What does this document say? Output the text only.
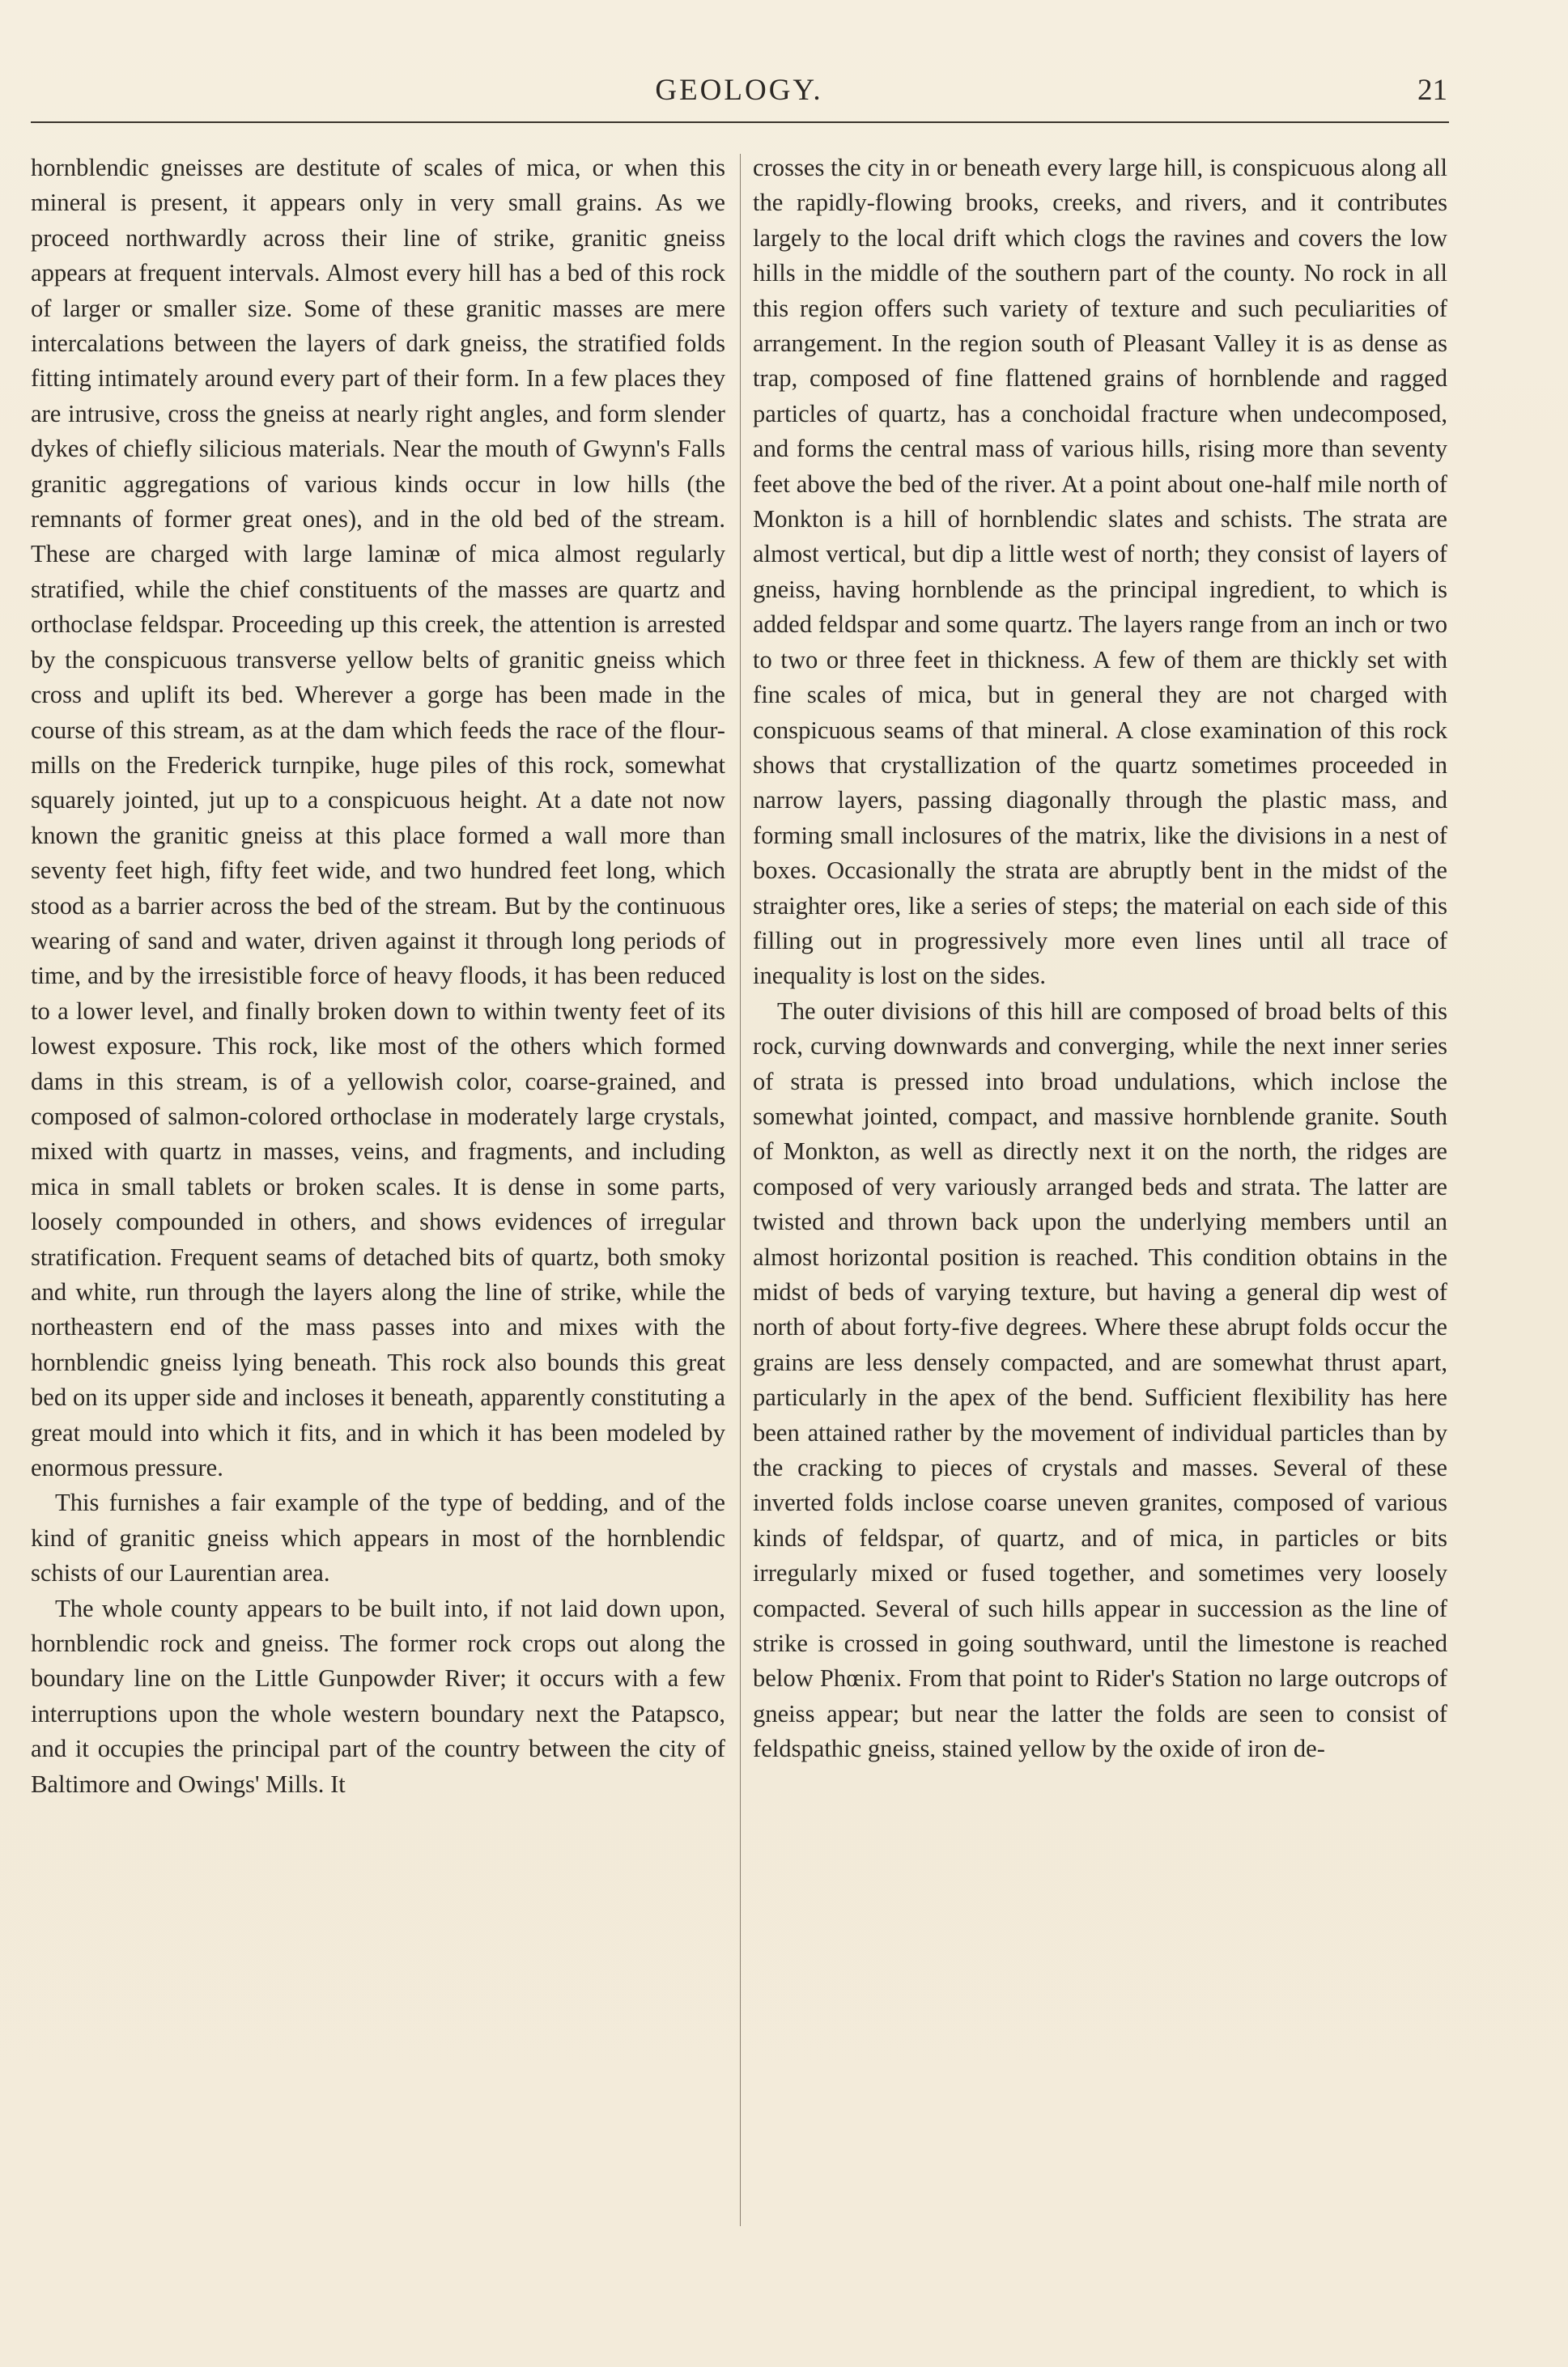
GEOLOGY.	21

hornblendic gneisses are destitute of scales of mica, or when this mineral is present, it appears only in very small grains. As we proceed northwardly across their line of strike, granitic gneiss appears at frequent intervals. Almost every hill has a bed of this rock of larger or smaller size. Some of these granitic masses are mere intercalations between the layers of dark gneiss, the stratified folds fitting intimately around every part of their form. In a few places they are intrusive, cross the gneiss at nearly right angles, and form slender dykes of chiefly silicious materials. Near the mouth of Gwynn's Falls granitic aggregations of various kinds occur in low hills (the remnants of former great ones), and in the old bed of the stream. These are charged with large laminæ of mica almost regularly stratified, while the chief constituents of the masses are quartz and orthoclase feldspar. Proceeding up this creek, the attention is arrested by the conspicuous transverse yellow belts of granitic gneiss which cross and uplift its bed. Wherever a gorge has been made in the course of this stream, as at the dam which feeds the race of the flour-mills on the Frederick turnpike, huge piles of this rock, somewhat squarely jointed, jut up to a conspicuous height. At a date not now known the granitic gneiss at this place formed a wall more than seventy feet high, fifty feet wide, and two hundred feet long, which stood as a barrier across the bed of the stream. But by the continuous wearing of sand and water, driven against it through long periods of time, and by the irresistible force of heavy floods, it has been reduced to a lower level, and finally broken down to within twenty feet of its lowest exposure. This rock, like most of the others which formed dams in this stream, is of a yellowish color, coarse-grained, and composed of salmon-colored orthoclase in moderately large crystals, mixed with quartz in masses, veins, and fragments, and including mica in small tablets or broken scales. It is dense in some parts, loosely compounded in others, and shows evidences of irregular stratification. Frequent seams of detached bits of quartz, both smoky and white, run through the layers along the line of strike, while the northeastern end of the mass passes into and mixes with the hornblendic gneiss lying beneath. This rock also bounds this great bed on its upper side and incloses it beneath, apparently constituting a great mould into which it fits, and in which it has been modeled by enormous pressure.

This furnishes a fair example of the type of bedding, and of the kind of granitic gneiss which appears in most of the hornblendic schists of our Laurentian area.

The whole county appears to be built into, if not laid down upon, hornblendic rock and gneiss. The former rock crops out along the boundary line on the Little Gunpowder River; it occurs with a few interruptions upon the whole western boundary next the Patapsco, and it occupies the principal part of the country between the city of Baltimore and Owings' Mills. It

crosses the city in or beneath every large hill, is conspicuous along all the rapidly-flowing brooks, creeks, and rivers, and it contributes largely to the local drift which clogs the ravines and covers the low hills in the middle of the southern part of the county. No rock in all this region offers such variety of texture and such peculiarities of arrangement. In the region south of Pleasant Valley it is as dense as trap, composed of fine flattened grains of hornblende and ragged particles of quartz, has a conchoidal fracture when undecomposed, and forms the central mass of various hills, rising more than seventy feet above the bed of the river. At a point about one-half mile north of Monkton is a hill of hornblendic slates and schists. The strata are almost vertical, but dip a little west of north; they consist of layers of gneiss, having hornblende as the principal ingredient, to which is added feldspar and some quartz. The layers range from an inch or two to two or three feet in thickness. A few of them are thickly set with fine scales of mica, but in general they are not charged with conspicuous seams of that mineral. A close examination of this rock shows that crystallization of the quartz sometimes proceeded in narrow layers, passing diagonally through the plastic mass, and forming small inclosures of the matrix, like the divisions in a nest of boxes. Occasionally the strata are abruptly bent in the midst of the straighter ores, like a series of steps; the material on each side of this filling out in progressively more even lines until all trace of inequality is lost on the sides.

The outer divisions of this hill are composed of broad belts of this rock, curving downwards and converging, while the next inner series of strata is pressed into broad undulations, which inclose the somewhat jointed, compact, and massive hornblende granite. South of Monkton, as well as directly next it on the north, the ridges are composed of very variously arranged beds and strata. The latter are twisted and thrown back upon the underlying members until an almost horizontal position is reached. This condition obtains in the midst of beds of varying texture, but having a general dip west of north of about forty-five degrees. Where these abrupt folds occur the grains are less densely compacted, and are somewhat thrust apart, particularly in the apex of the bend. Sufficient flexibility has here been attained rather by the movement of individual particles than by the cracking to pieces of crystals and masses. Several of these inverted folds inclose coarse uneven granites, composed of various kinds of feldspar, of quartz, and of mica, in particles or bits irregularly mixed or fused together, and sometimes very loosely compacted. Several of such hills appear in succession as the line of strike is crossed in going southward, until the limestone is reached below Phœnix. From that point to Rider's Station no large outcrops of gneiss appear; but near the latter the folds are seen to consist of feldspathic gneiss, stained yellow by the oxide of iron de-
